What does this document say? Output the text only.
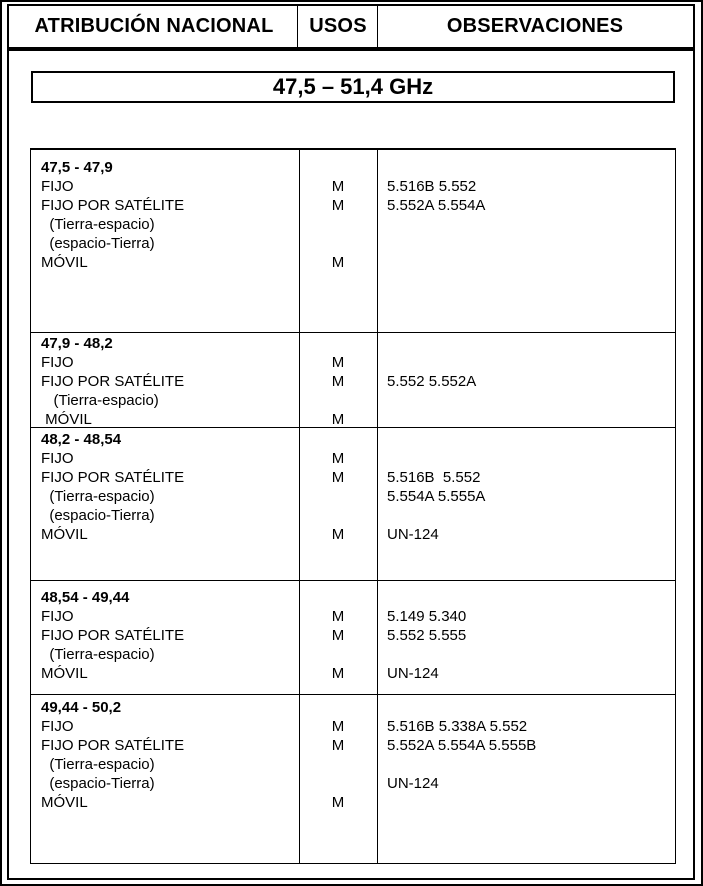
ATRIBUCIÓN NACIONAL	USOS	OBSERVACIONES
47,5 – 51,4 GHz
47,5 - 47,9
FIJO
FIJO POR SATÉLITE
(Tierra-espacio)
(espacio-Tierra)
MÓVIL
M
M
M
5.516B 5.552
5.552A 5.554A
47,9 - 48,2
FIJO
FIJO POR SATÉLITE
(Tierra-espacio)
MÓVIL
M
M
M
5.552 5.552A
48,2 - 48,54
FIJO
FIJO POR SATÉLITE
(Tierra-espacio)
(espacio-Tierra)
MÓVIL
M
M
M
5.516B  5.552
5.554A 5.555A
UN-124
48,54 - 49,44
FIJO
FIJO POR SATÉLITE
(Tierra-espacio)
MÓVIL
M
M
M
5.149 5.340
5.552 5.555
UN-124
49,44 - 50,2
FIJO
FIJO POR SATÉLITE
(Tierra-espacio)
(espacio-Tierra)
MÓVIL
M
M
M
5.516B 5.338A 5.552
5.552A 5.554A 5.555B
UN-124
